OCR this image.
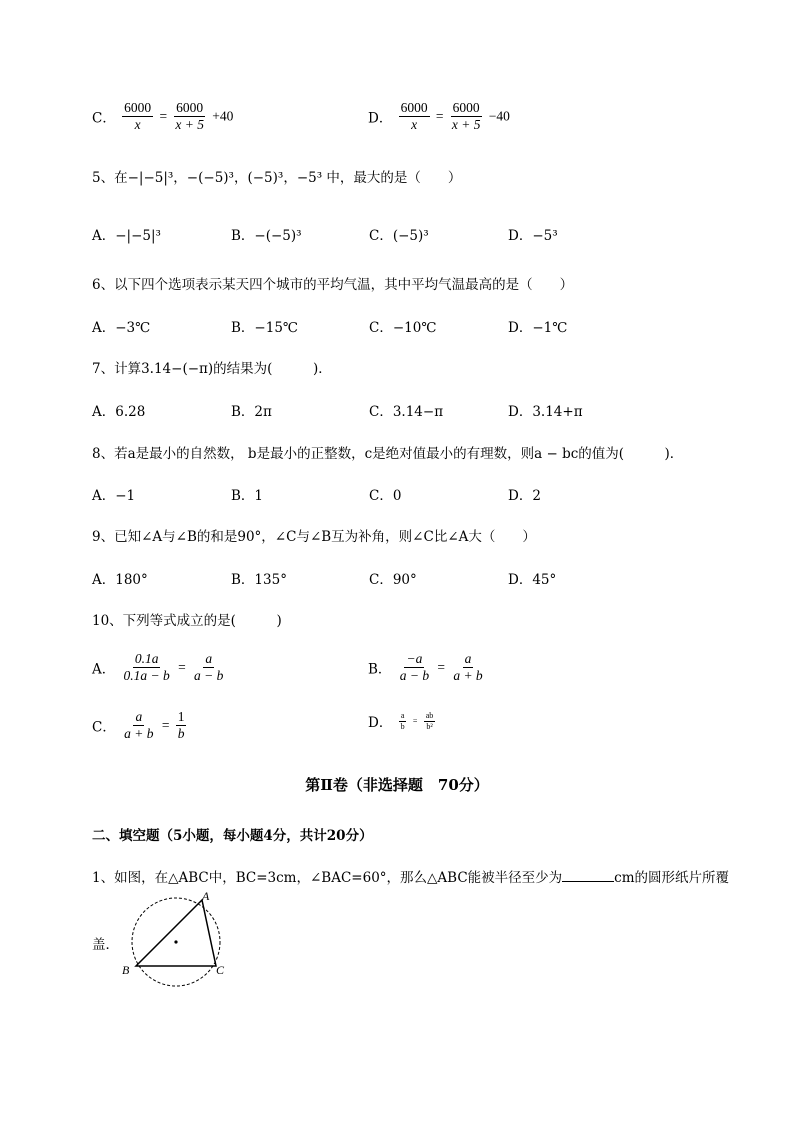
C． $\frac{6000}{x} = \frac{6000}{x + 5} +40$	D． $\frac{6000}{x} = \frac{6000}{x + 5} -40$
5、在−|−5|³，−(−5)³，(−5)³，−5³ 中，最大的是（　　）
A．−|−5|³	B．−(−5)³	C．(−5)³	D．−5³
6、以下四个选项表示某天四个城市的平均气温，其中平均气温最高的是（　　）
A．−3℃	B．−15℃	C．−10℃	D．−1℃
7、计算3.14−(−π)的结果为(　　　)．
A．6.28	B．2π	C．3.14−π	D．3.14+π
8、若a是最小的自然数， b是最小的正整数，c是绝对值最小的有理数，则a − bc的值为(　　　)．
A．−1	B．1	C．0	D．2
9、已知∠A与∠B的和是90°，∠C与∠B互为补角，则∠C比∠A大（　　）
A．180°	B．135°	C．90°	D．45°
10、下列等式成立的是(　　　)
A． $\frac{0.1a}{0.1a - b} = \frac{a}{a - b}$	B． $\frac{-a}{a - b} = \frac{a}{a + b}$
C． $\frac{a}{a + b} = \frac{1}{b}$	D． $\frac{a}{b} = \frac{ab}{\text{b²}}$
第Ⅱ卷（非选择题　70分）
二、填空题（5小题，每小题4分，共计20分）
1、如图，在△ABC中，BC=3cm，∠BAC=60°，那么△ABC能被半径至少为	cm的圆形纸片所覆
盖．
A
B	C
